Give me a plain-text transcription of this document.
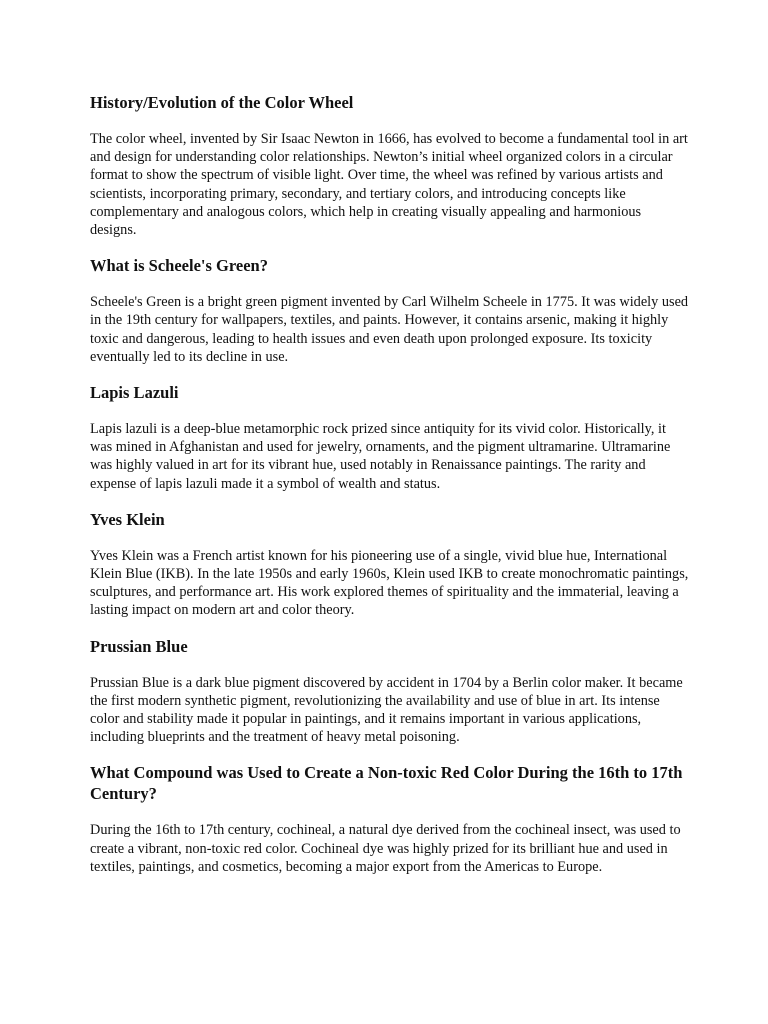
History/Evolution of the Color Wheel

The color wheel, invented by Sir Isaac Newton in 1666, has evolved to become a fundamental tool in art and design for understanding color relationships. Newton’s initial wheel organized colors in a circular format to show the spectrum of visible light. Over time, the wheel was refined by various artists and scientists, incorporating primary, secondary, and tertiary colors, and introducing concepts like complementary and analogous colors, which help in creating visually appealing and harmonious designs.

What is Scheele's Green?

Scheele's Green is a bright green pigment invented by Carl Wilhelm Scheele in 1775. It was widely used in the 19th century for wallpapers, textiles, and paints. However, it contains arsenic, making it highly toxic and dangerous, leading to health issues and even death upon prolonged exposure. Its toxicity eventually led to its decline in use.

Lapis Lazuli

Lapis lazuli is a deep-blue metamorphic rock prized since antiquity for its vivid color. Historically, it was mined in Afghanistan and used for jewelry, ornaments, and the pigment ultramarine. Ultramarine was highly valued in art for its vibrant hue, used notably in Renaissance paintings. The rarity and expense of lapis lazuli made it a symbol of wealth and status.

Yves Klein

Yves Klein was a French artist known for his pioneering use of a single, vivid blue hue, International Klein Blue (IKB). In the late 1950s and early 1960s, Klein used IKB to create monochromatic paintings, sculptures, and performance art. His work explored themes of spirituality and the immaterial, leaving a lasting impact on modern art and color theory.

Prussian Blue

Prussian Blue is a dark blue pigment discovered by accident in 1704 by a Berlin color maker. It became the first modern synthetic pigment, revolutionizing the availability and use of blue in art. Its intense color and stability made it popular in paintings, and it remains important in various applications, including blueprints and the treatment of heavy metal poisoning.

What Compound was Used to Create a Non-toxic Red Color During the 16th to 17th Century?

During the 16th to 17th century, cochineal, a natural dye derived from the cochineal insect, was used to create a vibrant, non-toxic red color. Cochineal dye was highly prized for its brilliant hue and used in textiles, paintings, and cosmetics, becoming a major export from the Americas to Europe.
